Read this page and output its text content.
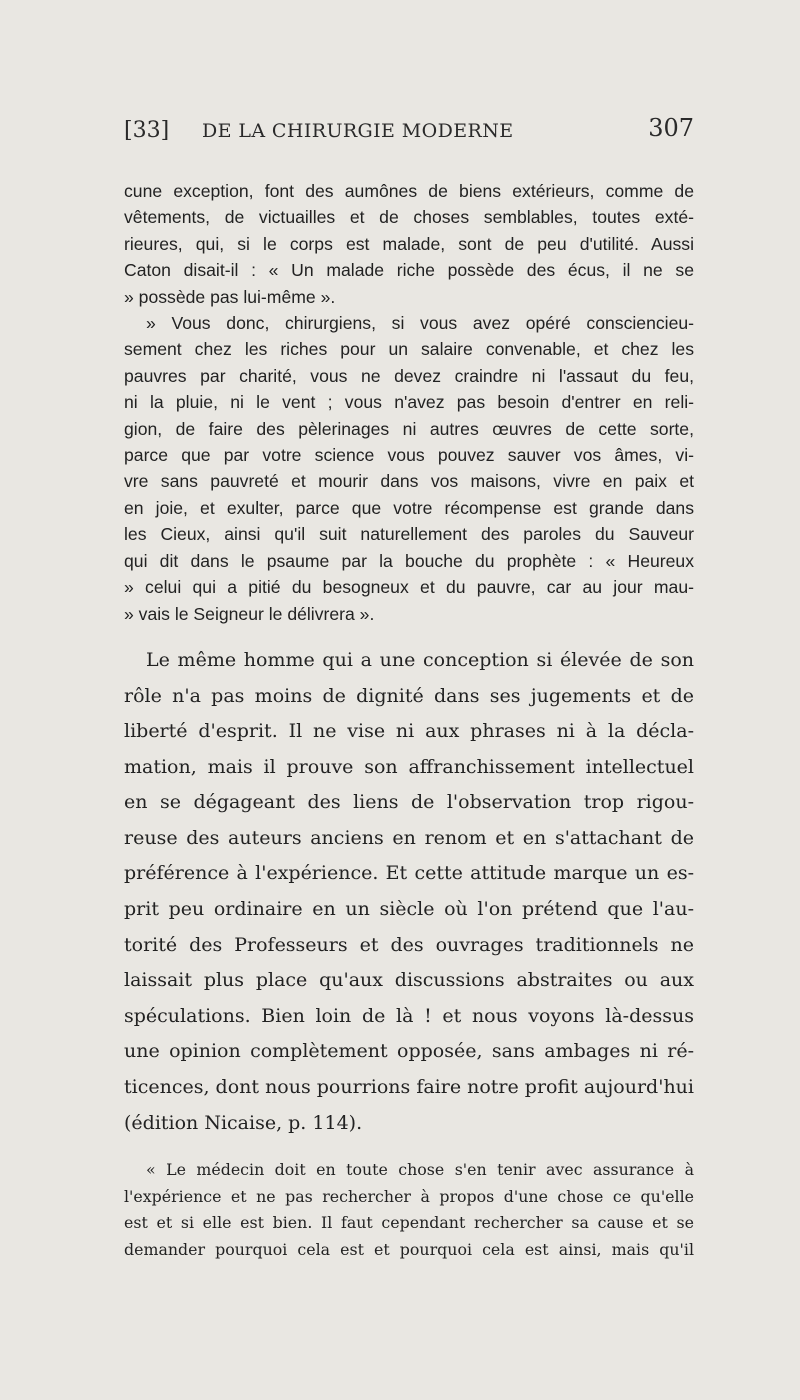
[33] DE LA CHIRURGIE MODERNE	307
cune exception, font des aumônes de biens extérieurs, comme de
vêtements, de victuailles et de choses semblables, toutes exté-
rieures, qui, si le corps est malade, sont de peu d'utilité. Aussi
Caton disait-il : « Un malade riche possède des écus, il ne se
» possède pas lui-même ».
» Vous donc, chirurgiens, si vous avez opéré consciencieu-
sement chez les riches pour un salaire convenable, et chez les
pauvres par charité, vous ne devez craindre ni l'assaut du feu,
ni la pluie, ni le vent ; vous n'avez pas besoin d'entrer en reli-
gion, de faire des pèlerinages ni autres œuvres de cette sorte,
parce que par votre science vous pouvez sauver vos âmes, vi-
vre sans pauvreté et mourir dans vos maisons, vivre en paix et
en joie, et exulter, parce que votre récompense est grande dans
les Cieux, ainsi qu'il suit naturellement des paroles du Sauveur
qui dit dans le psaume par la bouche du prophète : « Heureux
» celui qui a pitié du besogneux et du pauvre, car au jour mau-
» vais le Seigneur le délivrera ».
Le même homme qui a une conception si élevée de son
rôle n'a pas moins de dignité dans ses jugements et de
liberté d'esprit. Il ne vise ni aux phrases ni à la décla-
mation, mais il prouve son affranchissement intellectuel
en se dégageant des liens de l'observation trop rigou-
reuse des auteurs anciens en renom et en s'attachant de
préférence à l'expérience. Et cette attitude marque un es-
prit peu ordinaire en un siècle où l'on prétend que l'au-
torité des Professeurs et des ouvrages traditionnels ne
laissait plus place qu'aux discussions abstraites ou aux
spéculations. Bien loin de là ! et nous voyons là-dessus
une opinion complètement opposée, sans ambages ni ré-
ticences, dont nous pourrions faire notre profit aujourd'hui
(édition Nicaise, p. 114).
« Le médecin doit en toute chose s'en tenir avec assurance à
l'expérience et ne pas rechercher à propos d'une chose ce qu'elle
est et si elle est bien. Il faut cependant rechercher sa cause et se
demander pourquoi cela est et pourquoi cela est ainsi, mais qu'il
